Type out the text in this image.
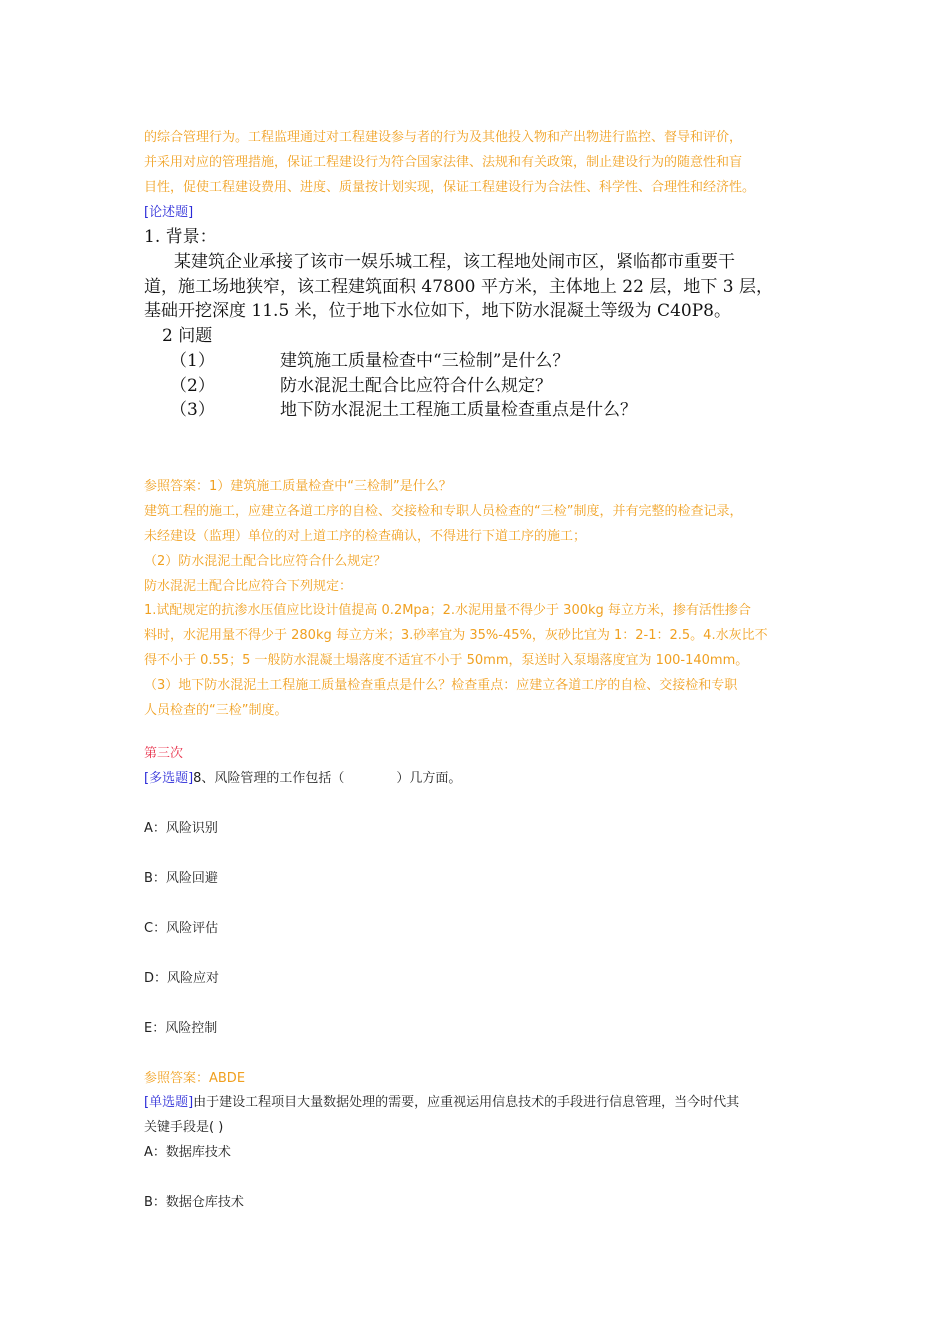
的综合管理行为。工程监理通过对工程建设参与者的行为及其他投入物和产出物进行监控、督导和评价，
并采用对应的管理措施，保证工程建设行为符合国家法律、法规和有关政策，制止建设行为的随意性和盲
目性，促使工程建设费用、进度、质量按计划实现，保证工程建设行为合法性、科学性、合理性和经济性。
[论述题]
1. 背景：
某建筑企业承接了该市一娱乐城工程，该工程地处闹市区，紧临都市重要干
道，施工场地狭窄，该工程建筑面积 47800 平方米，主体地上 22 层，地下 3 层，
基础开挖深度 11.5 米，位于地下水位如下，地下防水混凝土等级为 C40P8。
2 问题
（1）	建筑施工质量检查中“三检制”是什么？
（2）	防水混泥土配合比应符合什么规定？
（3）	地下防水混泥土工程施工质量检查重点是什么？
参照答案：1）建筑施工质量检查中“三检制”是什么？
建筑工程的施工，应建立各道工序的自检、交接检和专职人员检查的“三检”制度，并有完整的检查记录，
未经建设（监理）单位的对上道工序的检查确认，不得进行下道工序的施工；
（2）防水混泥土配合比应符合什么规定？
防水混泥土配合比应符合下列规定：
1.试配规定的抗渗水压值应比设计值提高 0.2Mpa；2.水泥用量不得少于 300kg 每立方米，掺有活性掺合
料时，水泥用量不得少于 280kg 每立方米；3.砂率宜为 35%-45%，灰砂比宜为 1：2-1：2.5。4.水灰比不
得不小于 0.55；5 一般防水混凝土塌落度不适宜不小于 50mm，泵送时入泵塌落度宜为 100-140mm。
（3）地下防水混泥土工程施工质量检查重点是什么？检查重点：应建立各道工序的自检、交接检和专职
人员检查的“三检”制度。
第三次
[多选题]8、风险管理的工作包括（　　　　）几方面。
A：风险识别
B：风险回避
C：风险评估
D：风险应对
E：风险控制
参照答案：ABDE
[单选题]由于建设工程项目大量数据处理的需要，应重视运用信息技术的手段进行信息管理，当今时代其
关键手段是( )
A：数据库技术
B：数据仓库技术
